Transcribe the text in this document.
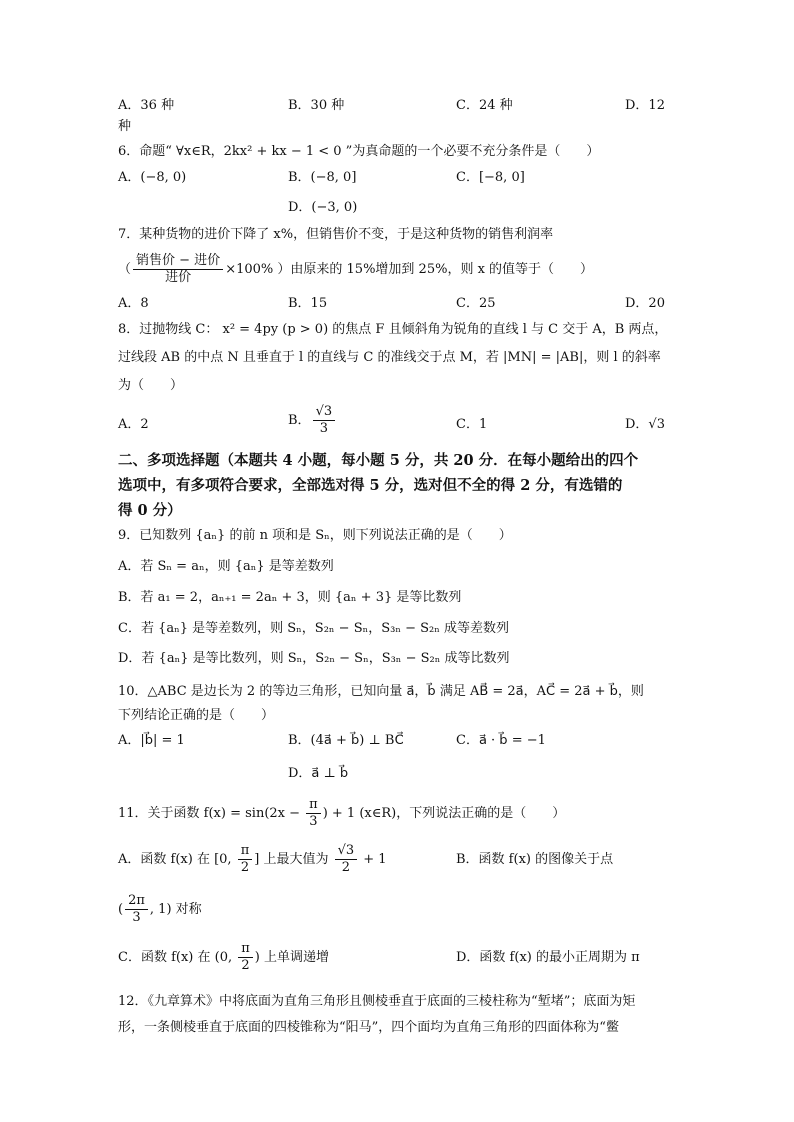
A．36 种	B．30 种	C．24 种	D．12
种
6．命题“ ∀x∈R，2kx² + kx − 1 < 0 ”为真命题的一个必要不充分条件是（　　）
A．(−8, 0)	B．(−8, 0]	C．[−8, 0]
D．(−3, 0)
7．某种货物的进价下降了 x%，但销售价不变，于是这种货物的销售利润率
（ $\frac{\text{销售价 − 进价}}{\text{进价}} \times 100\%$ ）由原来的 15%增加到 25%，则 x 的值等于（　　）
A．8	B．15	C．25	D．20
8．过抛物线 C： x² = 4py (p > 0) 的焦点 F 且倾斜角为锐角的直线 l 与 C 交于 A，B 两点，
过线段 AB 的中点 N 且垂直于 l 的直线与 C 的准线交于点 M，若 |MN| = |AB|，则 l 的斜率
为（　　）
A．2	B． $\frac{√3}{3}$	C．1	D．√3
二、多项选择题（本题共 4 小题，每小题 5 分，共 20 分．在每小题给出的四个
选项中，有多项符合要求，全部选对得 5 分，选对但不全的得 2 分，有选错的
得 0 分）
9．已知数列 {aₙ} 的前 n 项和是 Sₙ，则下列说法正确的是（　　）
A．若 Sₙ = aₙ，则 {aₙ} 是等差数列
B．若 a₁ = 2，aₙ₊₁ = 2aₙ + 3，则 {aₙ + 3} 是等比数列
C．若 {aₙ} 是等差数列，则 Sₙ，S₂ₙ − Sₙ，S₃ₙ − S₂ₙ 成等差数列
D．若 {aₙ} 是等比数列，则 Sₙ，S₂ₙ − Sₙ，S₃ₙ − S₂ₙ 成等比数列
10．△ABC 是边长为 2 的等边三角形，已知向量 a⃗，b⃗ 满足 AB⃗ = 2a⃗，AC⃗ = 2a⃗ + b⃗，则
下列结论正确的是（　　）
A．|b⃗| = 1	B．(4a⃗ + b⃗) ⊥ BC⃗	C．a⃗ · b⃗ = −1
D．a⃗ ⊥ b⃗
11．关于函数 $f(x) = \sin(2x - \frac{\pi}{3}$ ) + 1 (x∈R)，下列说法正确的是（　　）
A．函数 f(x) 在 [0, $\frac{\pi}{2}$ ] 上最大值为 $\frac{√3}{2} + 1$	B．函数 f(x) 的图像关于点
( $\frac{2\pi}{3}$ , 1) 对称
C．函数 f(x) 在 (0, $\frac{\pi}{2}$ ) 上单调递增	D．函数 f(x) 的最小正周期为 π
12．《九章算术》中将底面为直角三角形且侧棱垂直于底面的三棱柱称为“堑堵”；底面为矩
形，一条侧棱垂直于底面的四棱锥称为“阳马”，四个面均为直角三角形的四面体称为“鳖
